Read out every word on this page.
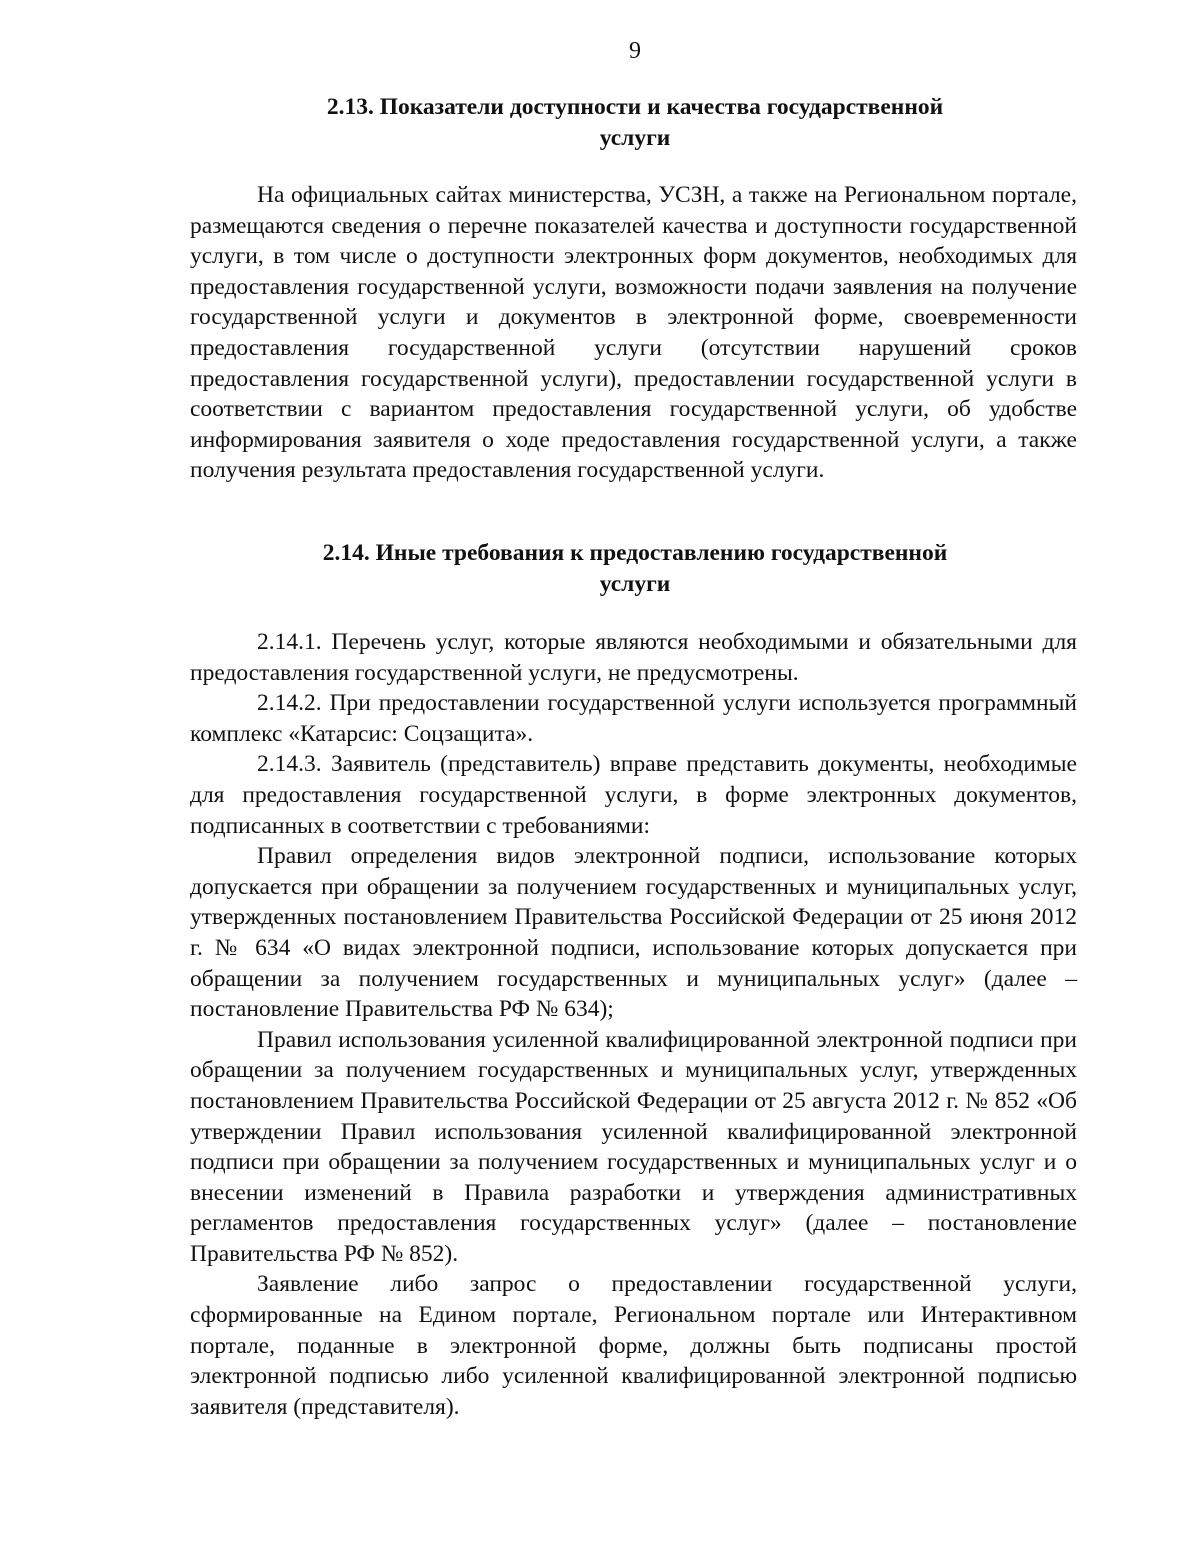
9
2.13. Показатели доступности и качества государственной
услуги

На официальных сайтах министерства, УСЗН, а также на Региональном портале, размещаются сведения о перечне показателей качества и доступности государственной услуги, в том числе о доступности электронных форм документов, необходимых для предоставления государственной услуги, возможности подачи заявления на получение государственной услуги и документов в электронной форме, своевременности предоставления государственной услуги (отсутствии нарушений сроков предоставления государственной услуги), предоставлении государственной услуги в соответствии с вариантом предоставления государственной услуги, об удобстве информирования заявителя о ходе предоставления государственной услуги, а также получения результата предоставления государственной услуги.

2.14. Иные требования к предоставлению государственной
услуги

2.14.1. Перечень услуг, которые являются необходимыми и обязательными для предоставления государственной услуги, не предусмотрены.

2.14.2. При предоставлении государственной услуги используется программный комплекс «Катарсис: Соцзащита».

2.14.3. Заявитель (представитель) вправе представить документы, необходимые для предоставления государственной услуги, в форме электронных документов, подписанных в соответствии с требованиями:

Правил определения видов электронной подписи, использование которых допускается при обращении за получением государственных и муниципальных услуг, утвержденных постановлением Правительства Российской Федерации от 25 июня 2012 г. № 634 «О видах электронной подписи, использование которых допускается при обращении за получением государственных и муниципальных услуг» (далее – постановление Правительства РФ № 634);

Правил использования усиленной квалифицированной электронной подписи при обращении за получением государственных и муниципальных услуг, утвержденных постановлением Правительства Российской Федерации от 25 августа 2012 г. № 852 «Об утверждении Правил использования усиленной квалифицированной электронной подписи при обращении за получением государственных и муниципальных услуг и о внесении изменений в Правила разработки и утверждения административных регламентов предоставления государственных услуг» (далее – постановление Правительства РФ № 852).

Заявление либо запрос о предоставлении государственной услуги, сформированные на Едином портале, Региональном портале или Интерактивном портале, поданные в электронной форме, должны быть подписаны простой электронной подписью либо усиленной квалифицированной электронной подписью заявителя (представителя).
